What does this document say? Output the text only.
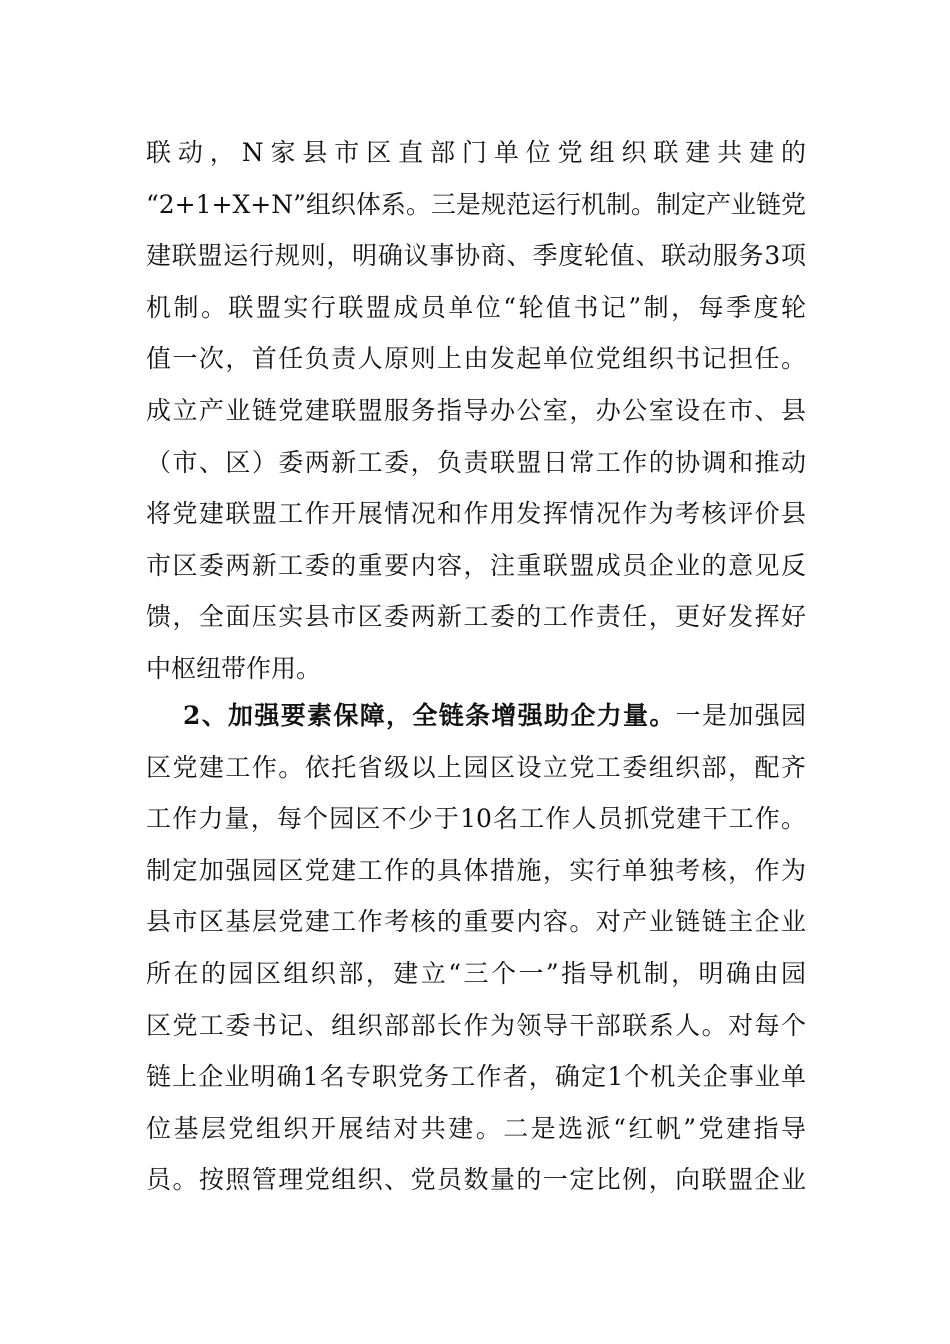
联动，N家县市区直部门单位党组织联建共建的
“2+1+X+N”组织体系。三是规范运行机制。制定产业链党
建联盟运行规则，明确议事协商、季度轮值、联动服务3项
机制。联盟实行联盟成员单位“轮值书记”制，每季度轮
值一次，首任负责人原则上由发起单位党组织书记担任。
成立产业链党建联盟服务指导办公室，办公室设在市、县
（市、区）委两新工委，负责联盟日常工作的协调和推动
将党建联盟工作开展情况和作用发挥情况作为考核评价县
市区委两新工委的重要内容，注重联盟成员企业的意见反
馈，全面压实县市区委两新工委的工作责任，更好发挥好
中枢纽带作用。
2、加强要素保障，全链条增强助企力量。一是加强园
区党建工作。依托省级以上园区设立党工委组织部，配齐
工作力量，每个园区不少于10名工作人员抓党建干工作。
制定加强园区党建工作的具体措施，实行单独考核，作为
县市区基层党建工作考核的重要内容。对产业链链主企业
所在的园区组织部，建立“三个一”指导机制，明确由园
区党工委书记、组织部部长作为领导干部联系人。对每个
链上企业明确1名专职党务工作者，确定1个机关企事业单
位基层党组织开展结对共建。二是选派“红帆”党建指导
员。按照管理党组织、党员数量的一定比例，向联盟企业
